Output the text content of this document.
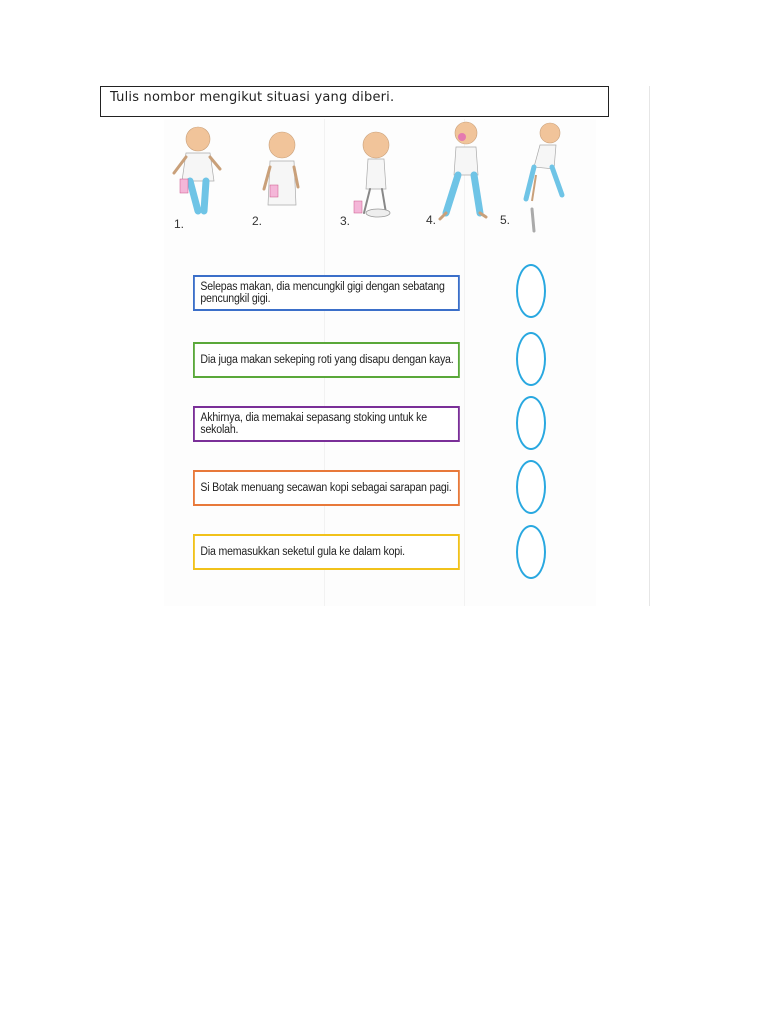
Tulis nombor mengikut situasi yang diberi.
1.	2.	3.	4.	5.
Selepas makan, dia mencungkil gigi dengan sebatang pencungkil gigi.
Dia juga makan sekeping roti yang disapu dengan kaya.
Akhirnya, dia memakai sepasang stoking untuk ke sekolah.
Si Botak menuang secawan kopi sebagai sarapan pagi.
Dia memasukkan seketul gula ke dalam kopi.
